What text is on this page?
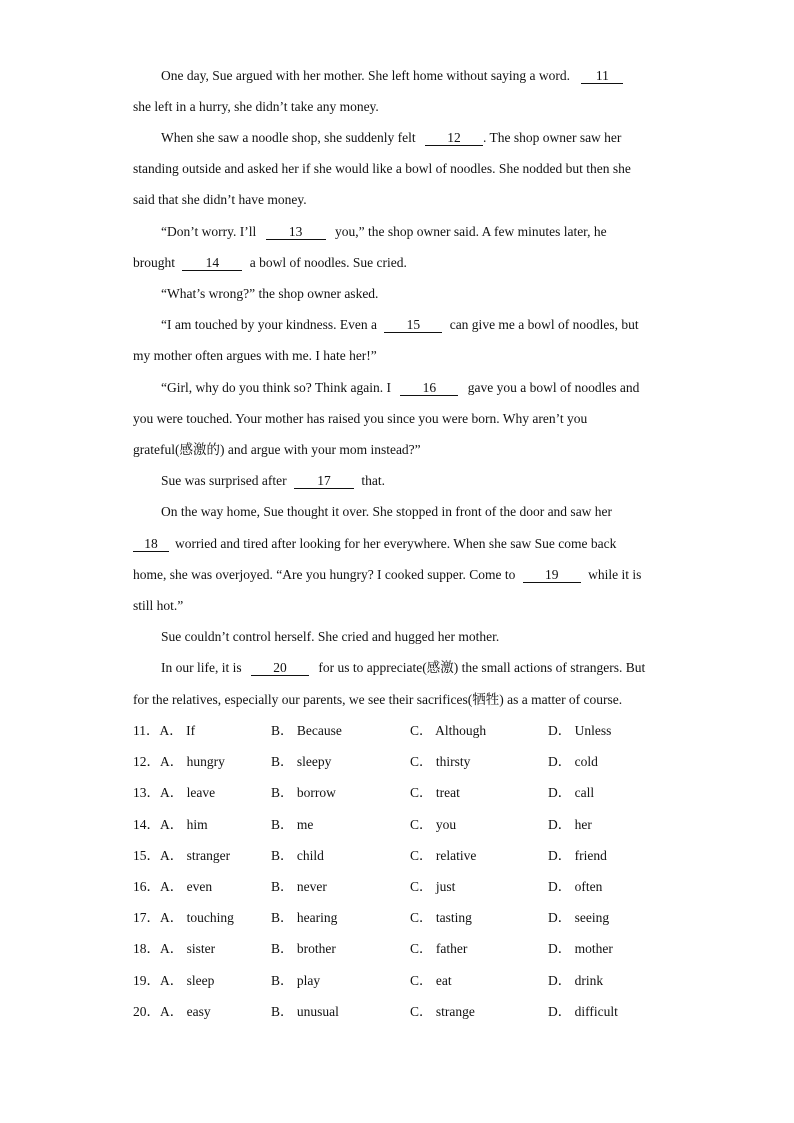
One day, Sue argued with her mother. She left home without saying a word. 11
she left in a hurry, she didn’t take any money.
When she saw a noodle shop, she suddenly felt 12 . The shop owner saw her
standing outside and asked her if she would like a bowl of noodles. She nodded but then she
said that she didn’t have money.
“Don’t worry. I’ll 13 you,” the shop owner said. A few minutes later, he
brought 14 a bowl of noodles. Sue cried.
“What’s wrong?” the shop owner asked.
“I am touched by your kindness. Even a 15 can give me a bowl of noodles, but
my mother often argues with me. I hate her!”
“Girl, why do you think so? Think again. I 16 gave you a bowl of noodles and
you were touched. Your mother has raised you since you were born. Why aren’t you
grateful(感激的) and argue with your mom instead?”
Sue was surprised after 17 that.
On the way home, Sue thought it over. She stopped in front of the door and saw her
18 worried and tired after looking for her everywhere. When she saw Sue come back
home, she was overjoyed. “Are you hungry? I cooked supper. Come to 19 while it is
still hot.”
Sue couldn’t control herself. She cried and hugged her mother.
In our life, it is 20 for us to appreciate(感激) the small actions of strangers. But
for the relatives, especially our parents, we see their sacrifices(牺牲) as a matter of course.
11．A． If	B． Because	C． Although	D． Unless
12．A． hungry	B． sleepy	C． thirsty	D． cold
13．A． leave	B． borrow	C． treat	D． call
14．A． him	B． me	C． you	D． her
15．A． stranger	B． child	C． relative	D． friend
16．A． even	B． never	C． just	D． often
17．A． touching	B． hearing	C． tasting	D． seeing
18．A． sister	B． brother	C． father	D． mother
19．A． sleep	B． play	C． eat	D． drink
20．A． easy	B． unusual	C． strange	D． difficult
